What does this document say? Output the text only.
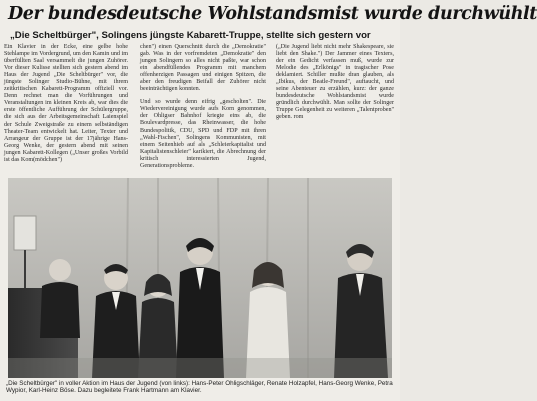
Der bundesdeutsche Wohlstandsmist wurde durchwühlt
„Die Scheltbürger", Solingens jüngste Kabarett-Truppe, stellte sich gestern vor

Ein Klavier in der Ecke, eine gelbe hohe Stehlampe im Vordergrund, um den Kamin und im überfüllten Saal versammelt die jungen Zuhörer. Vor dieser Kulisse stellten sich gestern abend im Haus der Jugend „Die Scheltbürger" vor, die jüngste Solinger Studio-Bühne, mit ihrem zeitkritischen Kabarett-Programm offiziell vor. Denn rechnet man die Vorführungen und Veranstaltungen im kleinen Kreis ab, war dies die erste öffentliche Aufführung der Schülergruppe, die sich aus der Arbeitsgemeinschaft Laienspiel der Schule Zweigstraße zu einem selbständigen Theater-Team entwickelt hat. Leiter, Texter und Arrangeur der Gruppe ist der 17jährige Hans-Georg Wenke, der gestern abend mit seinen jungen Kabarett-Kollegen („Unser großes Vorbild ist das Kom(mödchen")

chen") einen Querschnitt durch die „Demokratie" gab. Was in der vorfremdeten „Demokratie" den jungen Solingern so alles nicht paßte, war schon ein abendfüllendes Programm mit manchem offenherzigen Passagen und einigen Spitzen, die aber den freudigen Beifall der Zuhörer nicht beeinträchtigen konnten.

Und so wurde denn eifrig „gescholten". Die Wiedervereinigung wurde aufs Korn genommen, der Ohligser Bahnhof kriegte eins ab, die Boulevardpresse, das Rheinwasser, die hohe Bundespolitik, CDU, SPD und FDP mit ihren „Wahl-Fischen", Solingens Kommunisten, mit einem Seitenhieb auf als „Schleierkapitalist und Kapitalistenschleier" karikiert, die Abrechnung der kritisch interessierten Jugend, Generationsprobleme.

(„Die Jugend liebt nicht mehr Shakespeare, sie liebt den Shake.") Der Jammer eines Texters, der ein Gedicht verfassen muß, wurde zur Melodie des „Erlkönigs" in tragischer Pose deklamiert. Schiller mußte dran glauben, als „Ibikus, der Beatle-Freund", auftaucht, und seine Abenteuer zu erzählen, kurz: der ganze bundesdeutsche Wohlstandsmist wurde gründlich durchwühlt. Man sollte der Solinger Truppe Gelegenheit zu weiteren „Talentproben" geben. rom

„Die Scheltbürger" in voller Aktion im Haus der Jugend (von links): Hans-Peter Ohligschläger, Renate Holzapfel, Hans-Georg Wenke, Petra Wypior, Karl-Heinz Böse. Dazu begleitete Frank Hartmann am Klavier.
